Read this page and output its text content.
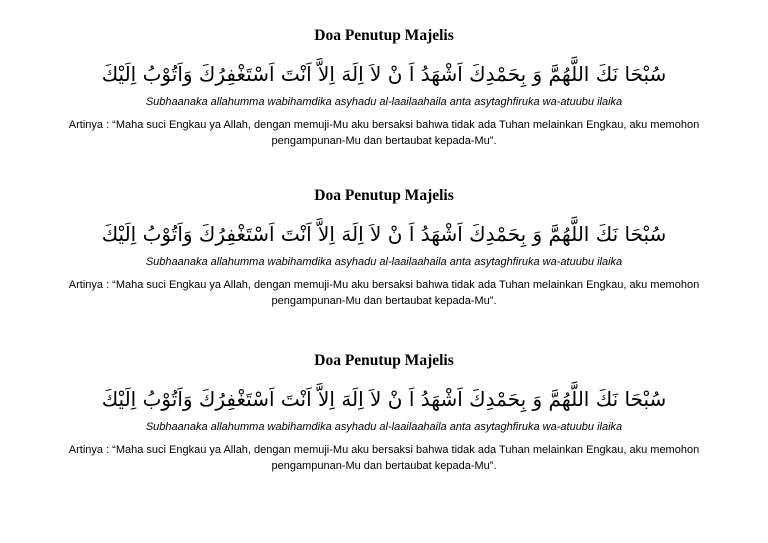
Doa Penutup Majelis
سُبْحَا نَكَ اللَّهُمَّ وَ بِحَمْدِكَ اَشْهَدُ اَ نْ لاَ اِلَهَ اِلاَّ اَنْتَ اَسْتَغْفِرُكَ وَاَتُوْبُ اِلَيْكَ
Subhaanaka allahumma wabihamdika asyhadu al-laailaahaila anta asytaghfiruka wa-atuubu ilaika

Artinya : “Maha suci Engkau ya Allah, dengan memuji-Mu aku bersaksi bahwa tidak ada Tuhan melainkan Engkau, aku memohon pengampunan-Mu dan bertaubat kepada-Mu”.

Doa Penutup Majelis
سُبْحَا نَكَ اللَّهُمَّ وَ بِحَمْدِكَ اَشْهَدُ اَ نْ لاَ اِلَهَ اِلاَّ اَنْتَ اَسْتَغْفِرُكَ وَاَتُوْبُ اِلَيْكَ
Subhaanaka allahumma wabihamdika asyhadu al-laailaahaila anta asytaghfiruka wa-atuubu ilaika

Artinya : “Maha suci Engkau ya Allah, dengan memuji-Mu aku bersaksi bahwa tidak ada Tuhan melainkan Engkau, aku memohon pengampunan-Mu dan bertaubat kepada-Mu”.

Doa Penutup Majelis
سُبْحَا نَكَ اللَّهُمَّ وَ بِحَمْدِكَ اَشْهَدُ اَ نْ لاَ اِلَهَ اِلاَّ اَنْتَ اَسْتَغْفِرُكَ وَاَتُوْبُ اِلَيْكَ
Subhaanaka allahumma wabihamdika asyhadu al-laailaahaila anta asytaghfiruka wa-atuubu ilaika

Artinya : “Maha suci Engkau ya Allah, dengan memuji-Mu aku bersaksi bahwa tidak ada Tuhan melainkan Engkau, aku memohon pengampunan-Mu dan bertaubat kepada-Mu”.
